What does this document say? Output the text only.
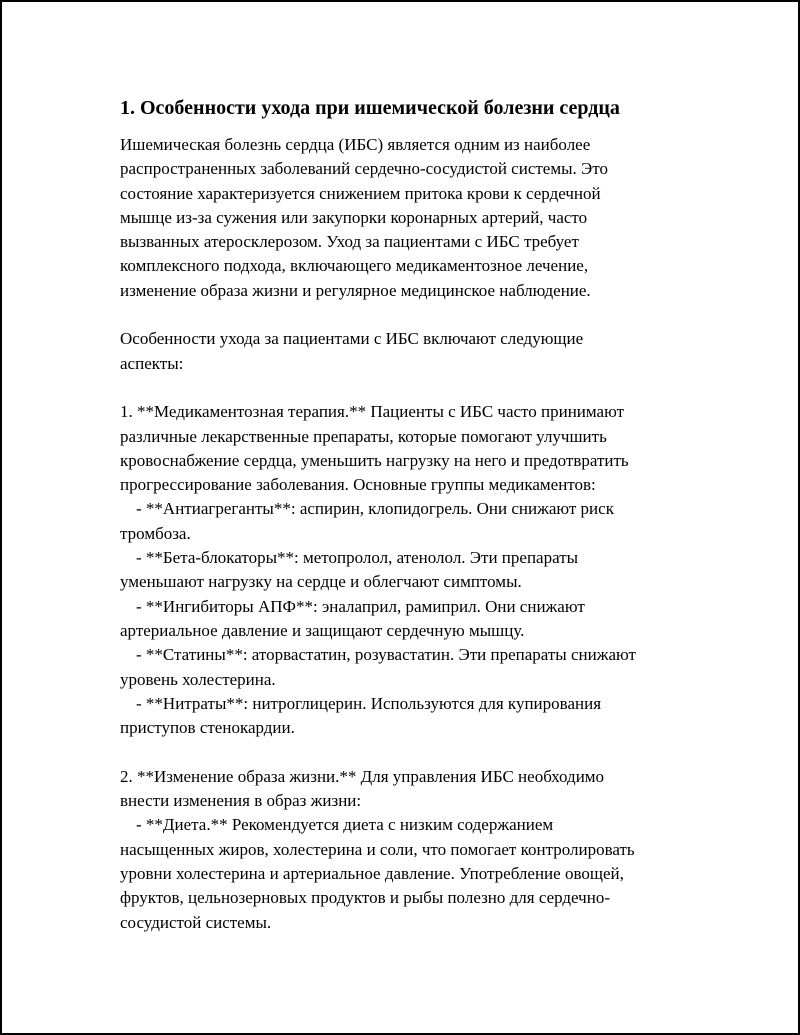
1. Особенности ухода при ишемической болезни сердца

Ишемическая болезнь сердца (ИБС) является одним из наиболее
распространенных заболеваний сердечно-сосудистой системы. Это
состояние характеризуется снижением притока крови к сердечной
мышце из-за сужения или закупорки коронарных артерий, часто
вызванных атеросклерозом. Уход за пациентами с ИБС требует
комплексного подхода, включающего медикаментозное лечение,
изменение образа жизни и регулярное медицинское наблюдение.

Особенности ухода за пациентами с ИБС включают следующие
аспекты:

1. **Медикаментозная терапия.** Пациенты с ИБС часто принимают
различные лекарственные препараты, которые помогают улучшить
кровоснабжение сердца, уменьшить нагрузку на него и предотвратить
прогрессирование заболевания. Основные группы медикаментов:
- **Антиагреганты**: аспирин, клопидогрель. Они снижают риск
тромбоза.
- **Бета-блокаторы**: метопролол, атенолол. Эти препараты
уменьшают нагрузку на сердце и облегчают симптомы.
- **Ингибиторы АПФ**: эналаприл, рамиприл. Они снижают
артериальное давление и защищают сердечную мышцу.
- **Статины**: аторвастатин, розувастатин. Эти препараты снижают
уровень холестерина.
- **Нитраты**: нитроглицерин. Используются для купирования
приступов стенокардии.

2. **Изменение образа жизни.** Для управления ИБС необходимо
внести изменения в образ жизни:
- **Диета.** Рекомендуется диета с низким содержанием
насыщенных жиров, холестерина и соли, что помогает контролировать
уровни холестерина и артериальное давление. Употребление овощей,
фруктов, цельнозерновых продуктов и рыбы полезно для сердечно-
сосудистой системы.
